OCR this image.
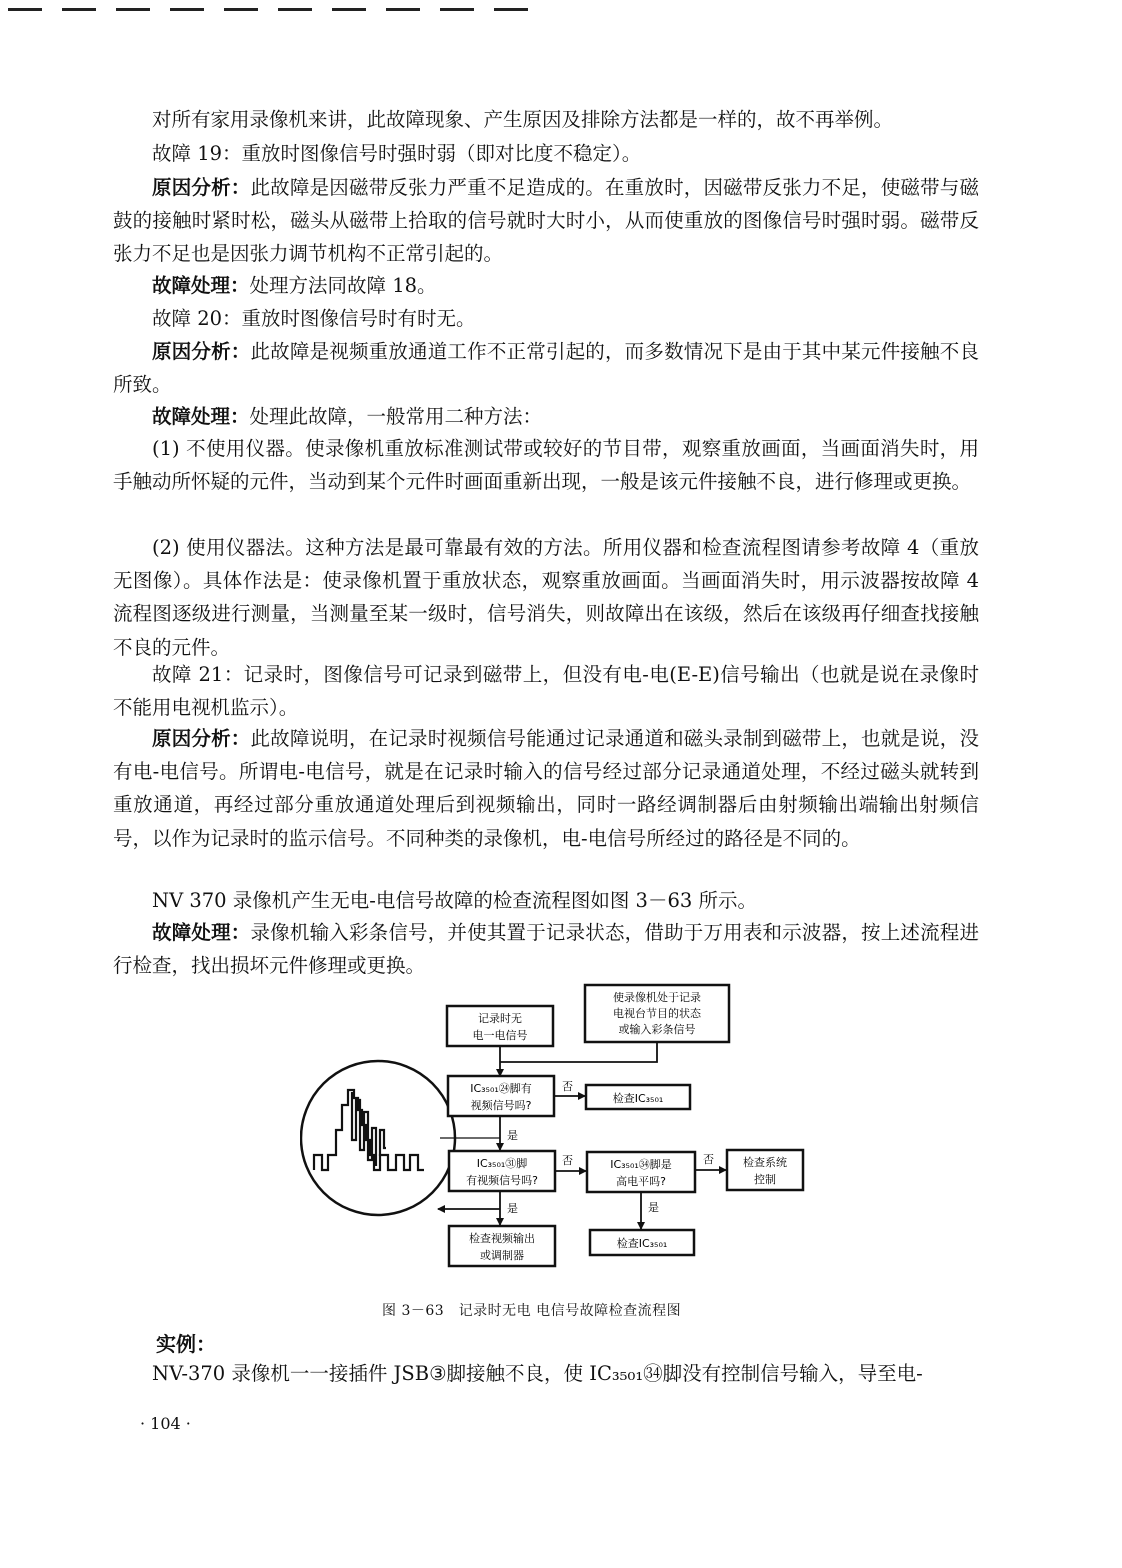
对所有家用录像机来讲，此故障现象、产生原因及排除方法都是一样的，故不再举例。

故障 19：重放时图像信号时强时弱（即对比度不稳定）。

原因分析：此故障是因磁带反张力严重不足造成的。在重放时，因磁带反张力不足，使磁带与磁鼓的接触时紧时松，磁头从磁带上拾取的信号就时大时小，从而使重放的图像信号时强时弱。磁带反张力不足也是因张力调节机构不正常引起的。

故障处理：处理方法同故障 18。

故障 20：重放时图像信号时有时无。

原因分析：此故障是视频重放通道工作不正常引起的，而多数情况下是由于其中某元件接触不良所致。

故障处理：处理此故障，一般常用二种方法：

(1) 不使用仪器。使录像机重放标准测试带或较好的节目带，观察重放画面，当画面消失时，用手触动所怀疑的元件，当动到某个元件时画面重新出现，一般是该元件接触不良，进行修理或更换。

(2) 使用仪器法。这种方法是最可靠最有效的方法。所用仪器和检查流程图请参考故障 4（重放无图像）。具体作法是：使录像机置于重放状态，观察重放画面。当画面消失时，用示波器按故障 4 流程图逐级进行测量，当测量至某一级时，信号消失，则故障出在该级，然后在该级再仔细查找接触不良的元件。

故障 21：记录时，图像信号可记录到磁带上，但没有电-电(E-E)信号输出（也就是说在录像时不能用电视机监示）。

原因分析：此故障说明，在记录时视频信号能通过记录通道和磁头录制到磁带上，也就是说，没有电-电信号。所谓电-电信号，就是在记录时输入的信号经过部分记录通道处理，不经过磁头就转到重放通道，再经过部分重放通道处理后到视频输出，同时一路经调制器后由射频输出端输出射频信号，以作为记录时的监示信号。不同种类的录像机，电-电信号所经过的路径是不同的。

NV 370 录像机产生无电-电信号故障的检查流程图如图 3－63 所示。

故障处理：录像机输入彩条信号，并使其置于记录状态，借助于万用表和示波器，按上述流程进行检查，找出损坏元件修理或更换。

记录时无
电一电信号
使录像机处于记录
电视台节目的状态
或输入彩条信号
IC₃₅₀₁㉔脚有
视频信号吗?
否
检查IC₃₅₀₁
是
IC₃₅₀₁㉛脚
有视频信号吗?
否	IC₃₅₀₁㉞脚是
高电平吗?
否	检查系统
控制
是
检查IC₃₅₀₁
是
检查视频输出
或调制器
图 3－63　记录时无电 电信号故障检查流程图
实例：

NV-370 录像机一一接插件 JSB③脚接触不良，使 IC₃₅₀₁㉞脚没有控制信号输入，导至电-

· 104 ·
